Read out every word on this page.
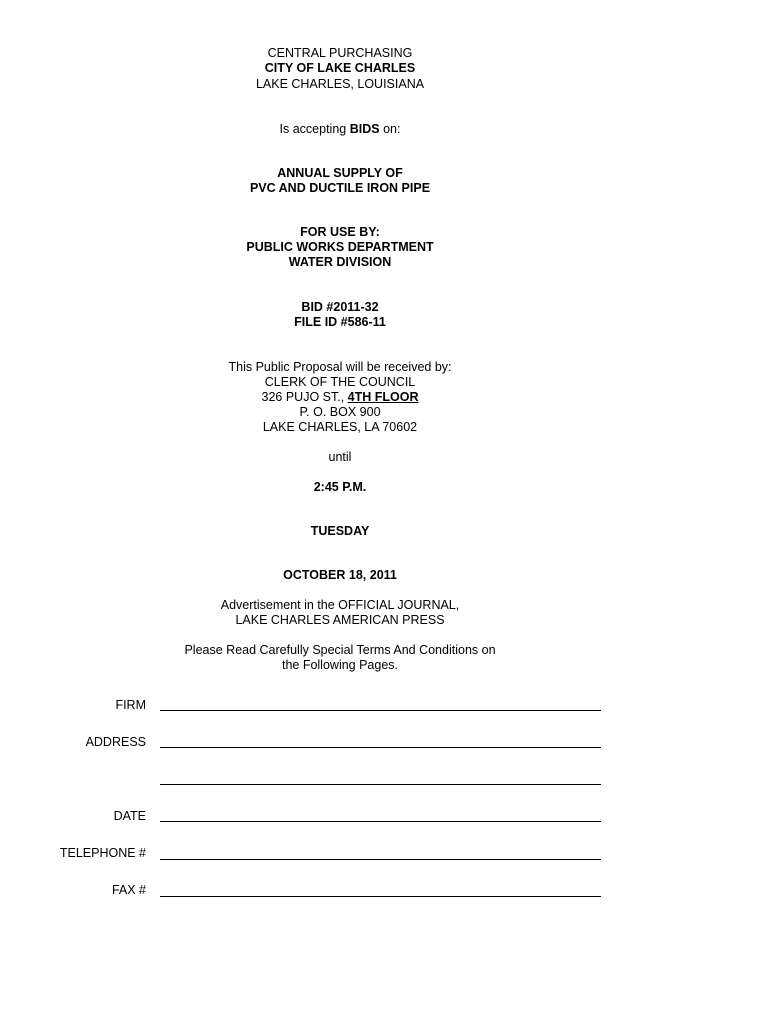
CENTRAL PURCHASING
CITY OF LAKE CHARLES
LAKE CHARLES, LOUISIANA
Is accepting BIDS on:
ANNUAL SUPPLY OF
PVC AND DUCTILE IRON PIPE
FOR USE BY:
PUBLIC WORKS DEPARTMENT
WATER DIVISION
BID #2011-32
FILE ID #586-11
This Public Proposal will be received by:
CLERK OF THE COUNCIL
326 PUJO ST., 4TH FLOOR
P. O. BOX 900
LAKE CHARLES, LA 70602
until
2:45 P.M.
TUESDAY
OCTOBER 18, 2011
Advertisement in the OFFICIAL JOURNAL,
LAKE CHARLES AMERICAN PRESS
Please Read Carefully Special Terms And Conditions on
the Following Pages.
FIRM
ADDRESS
DATE
TELEPHONE #
FAX #
